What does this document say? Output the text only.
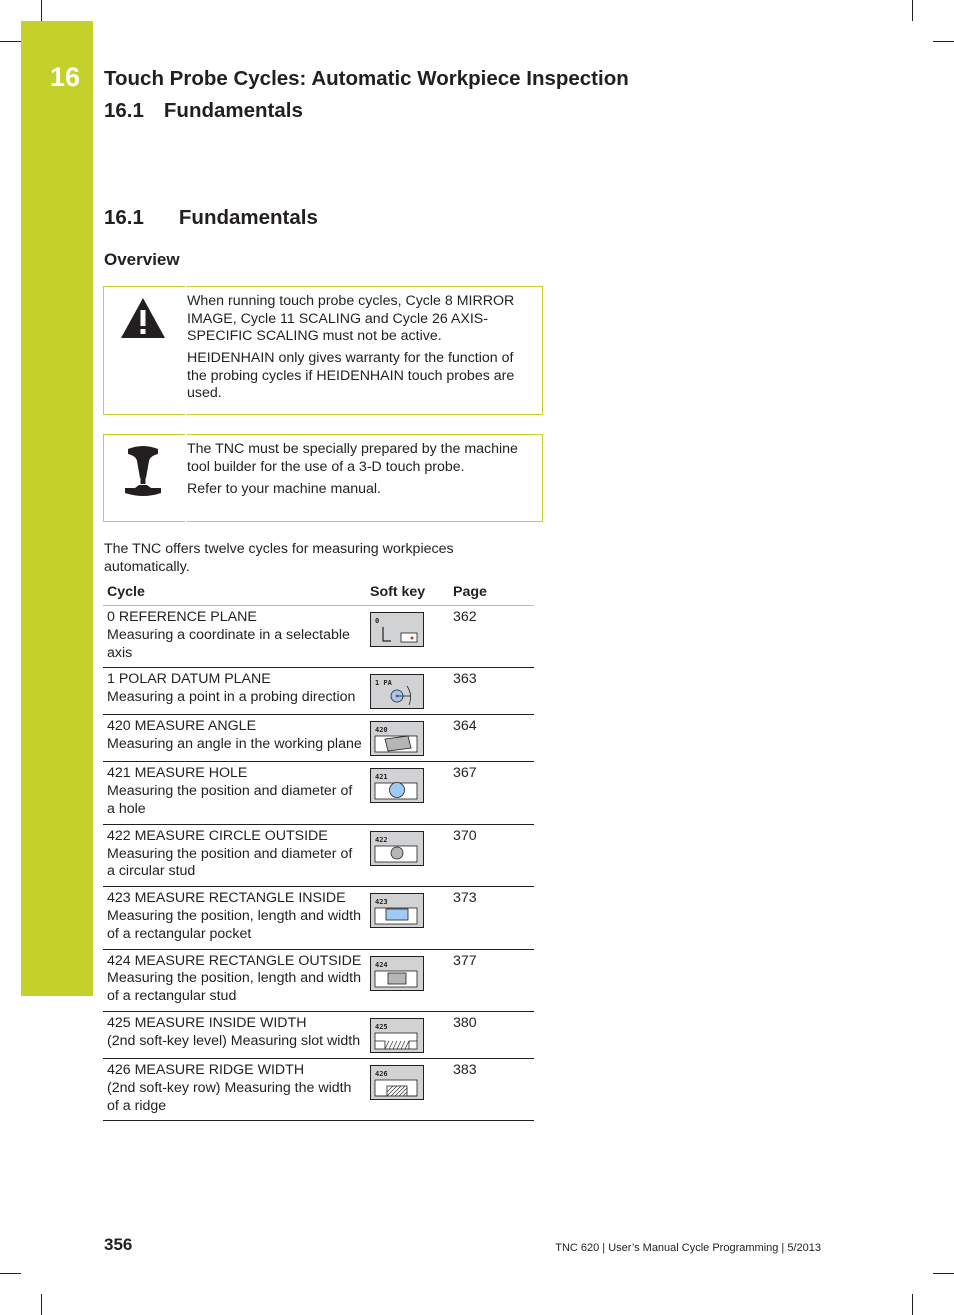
16 Touch Probe Cycles: Automatic Workpiece Inspection
16.1 Fundamentals
16.1 Fundamentals
Overview

When running touch probe cycles, Cycle 8 MIRROR IMAGE, Cycle 11 SCALING and Cycle 26 AXIS-SPECIFIC SCALING must not be active.

HEIDENHAIN only gives warranty for the function of the probing cycles if HEIDENHAIN touch probes are used.

The TNC must be specially prepared by the machine tool builder for the use of a 3-D touch probe.

Refer to your machine manual.

The TNC offers twelve cycles for measuring workpieces automatically.

Cycle	Soft key	Page

0 REFERENCE PLANE
Measuring a coordinate in a selectable axis	0	362

1 POLAR DATUM PLANE
Measuring a point in a probing direction	1 PA	363

420 MEASURE ANGLE
Measuring an angle in the working plane	420	364

421 MEASURE HOLE
Measuring the position and diameter of a hole	421	367

422 MEASURE CIRCLE OUTSIDE
Measuring the position and diameter of a circular stud	422	370

423 MEASURE RECTANGLE INSIDE
Measuring the position, length and width of a rectangular pocket	423	373

424 MEASURE RECTANGLE OUTSIDE
Measuring the position, length and width of a rectangular stud	424	377

425 MEASURE INSIDE WIDTH
(2nd soft-key level) Measuring slot width	425	380

426 MEASURE RIDGE WIDTH
(2nd soft-key row) Measuring the width of a ridge	426	383
356	TNC 620 | User’s Manual Cycle Programming | 5/2013
